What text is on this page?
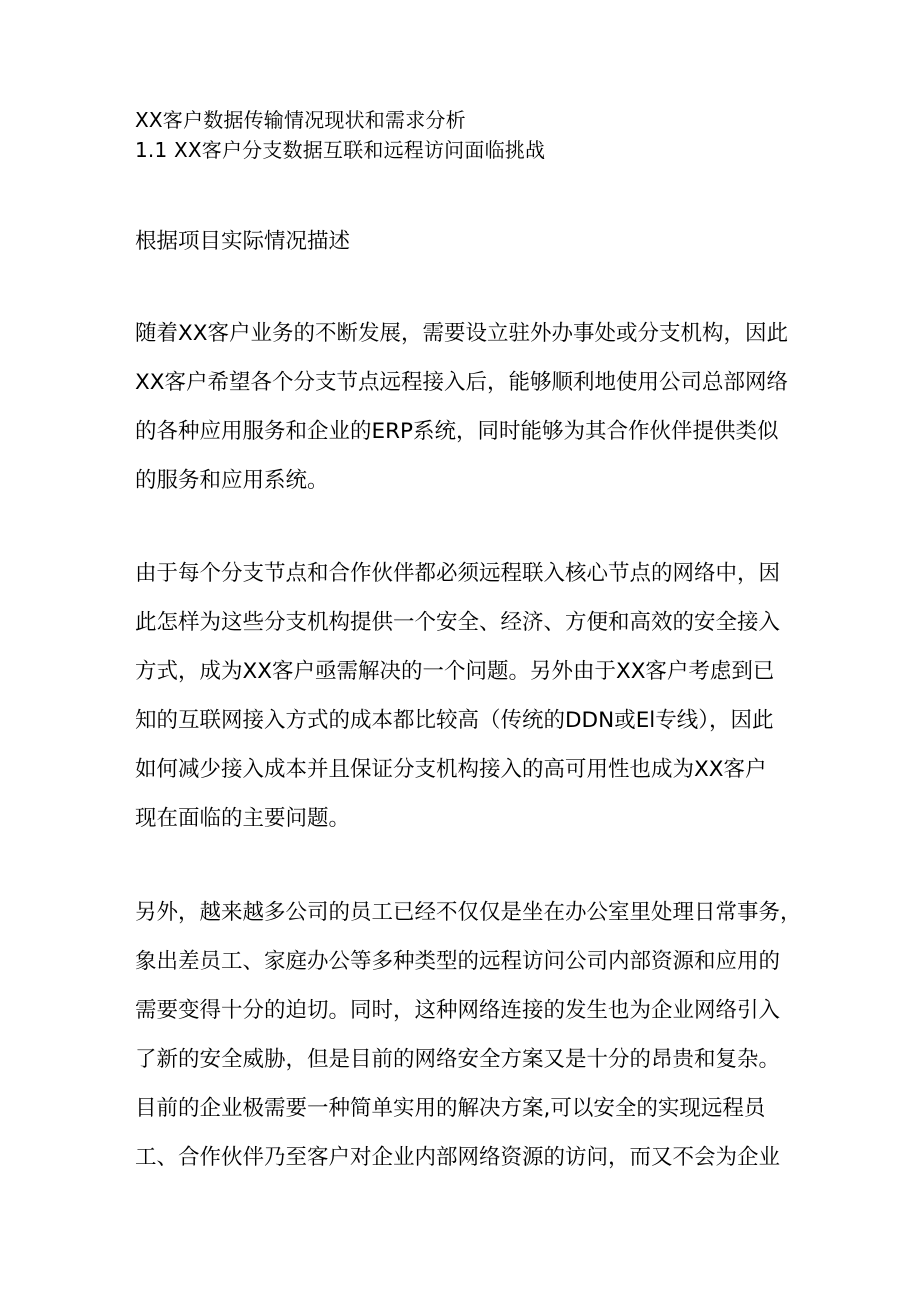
XX客户数据传输情况现状和需求分析

1.1 XX客户分支数据互联和远程访问面临挑战

根据项目实际情况描述

随着XX客户业务的不断发展，需要设立驻外办事处或分支机构，因此

XX客户希望各个分支节点远程接入后，能够顺利地使用公司总部网络

的各种应用服务和企业的ERP系统，同时能够为其合作伙伴提供类似

的服务和应用系统。

由于每个分支节点和合作伙伴都必须远程联入核心节点的网络中，因

此怎样为这些分支机构提供一个安全、经济、方便和高效的安全接入

方式，成为XX客户亟需解决的一个问题。另外由于XX客户考虑到已

知的互联网接入方式的成本都比较高（传统的DDN或El专线），因此

如何减少接入成本并且保证分支机构接入的高可用性也成为XX客户

现在面临的主要问题。

另外，越来越多公司的员工已经不仅仅是坐在办公室里处理日常事务，

象出差员工、家庭办公等多种类型的远程访问公司内部资源和应用的

需要变得十分的迫切。同时，这种网络连接的发生也为企业网络引入

了新的安全威胁，但是目前的网络安全方案又是十分的昂贵和复杂。

目前的企业极需要一种简单实用的解决方案,可以安全的实现远程员

工、合作伙伴乃至客户对企业内部网络资源的访问，而又不会为企业
